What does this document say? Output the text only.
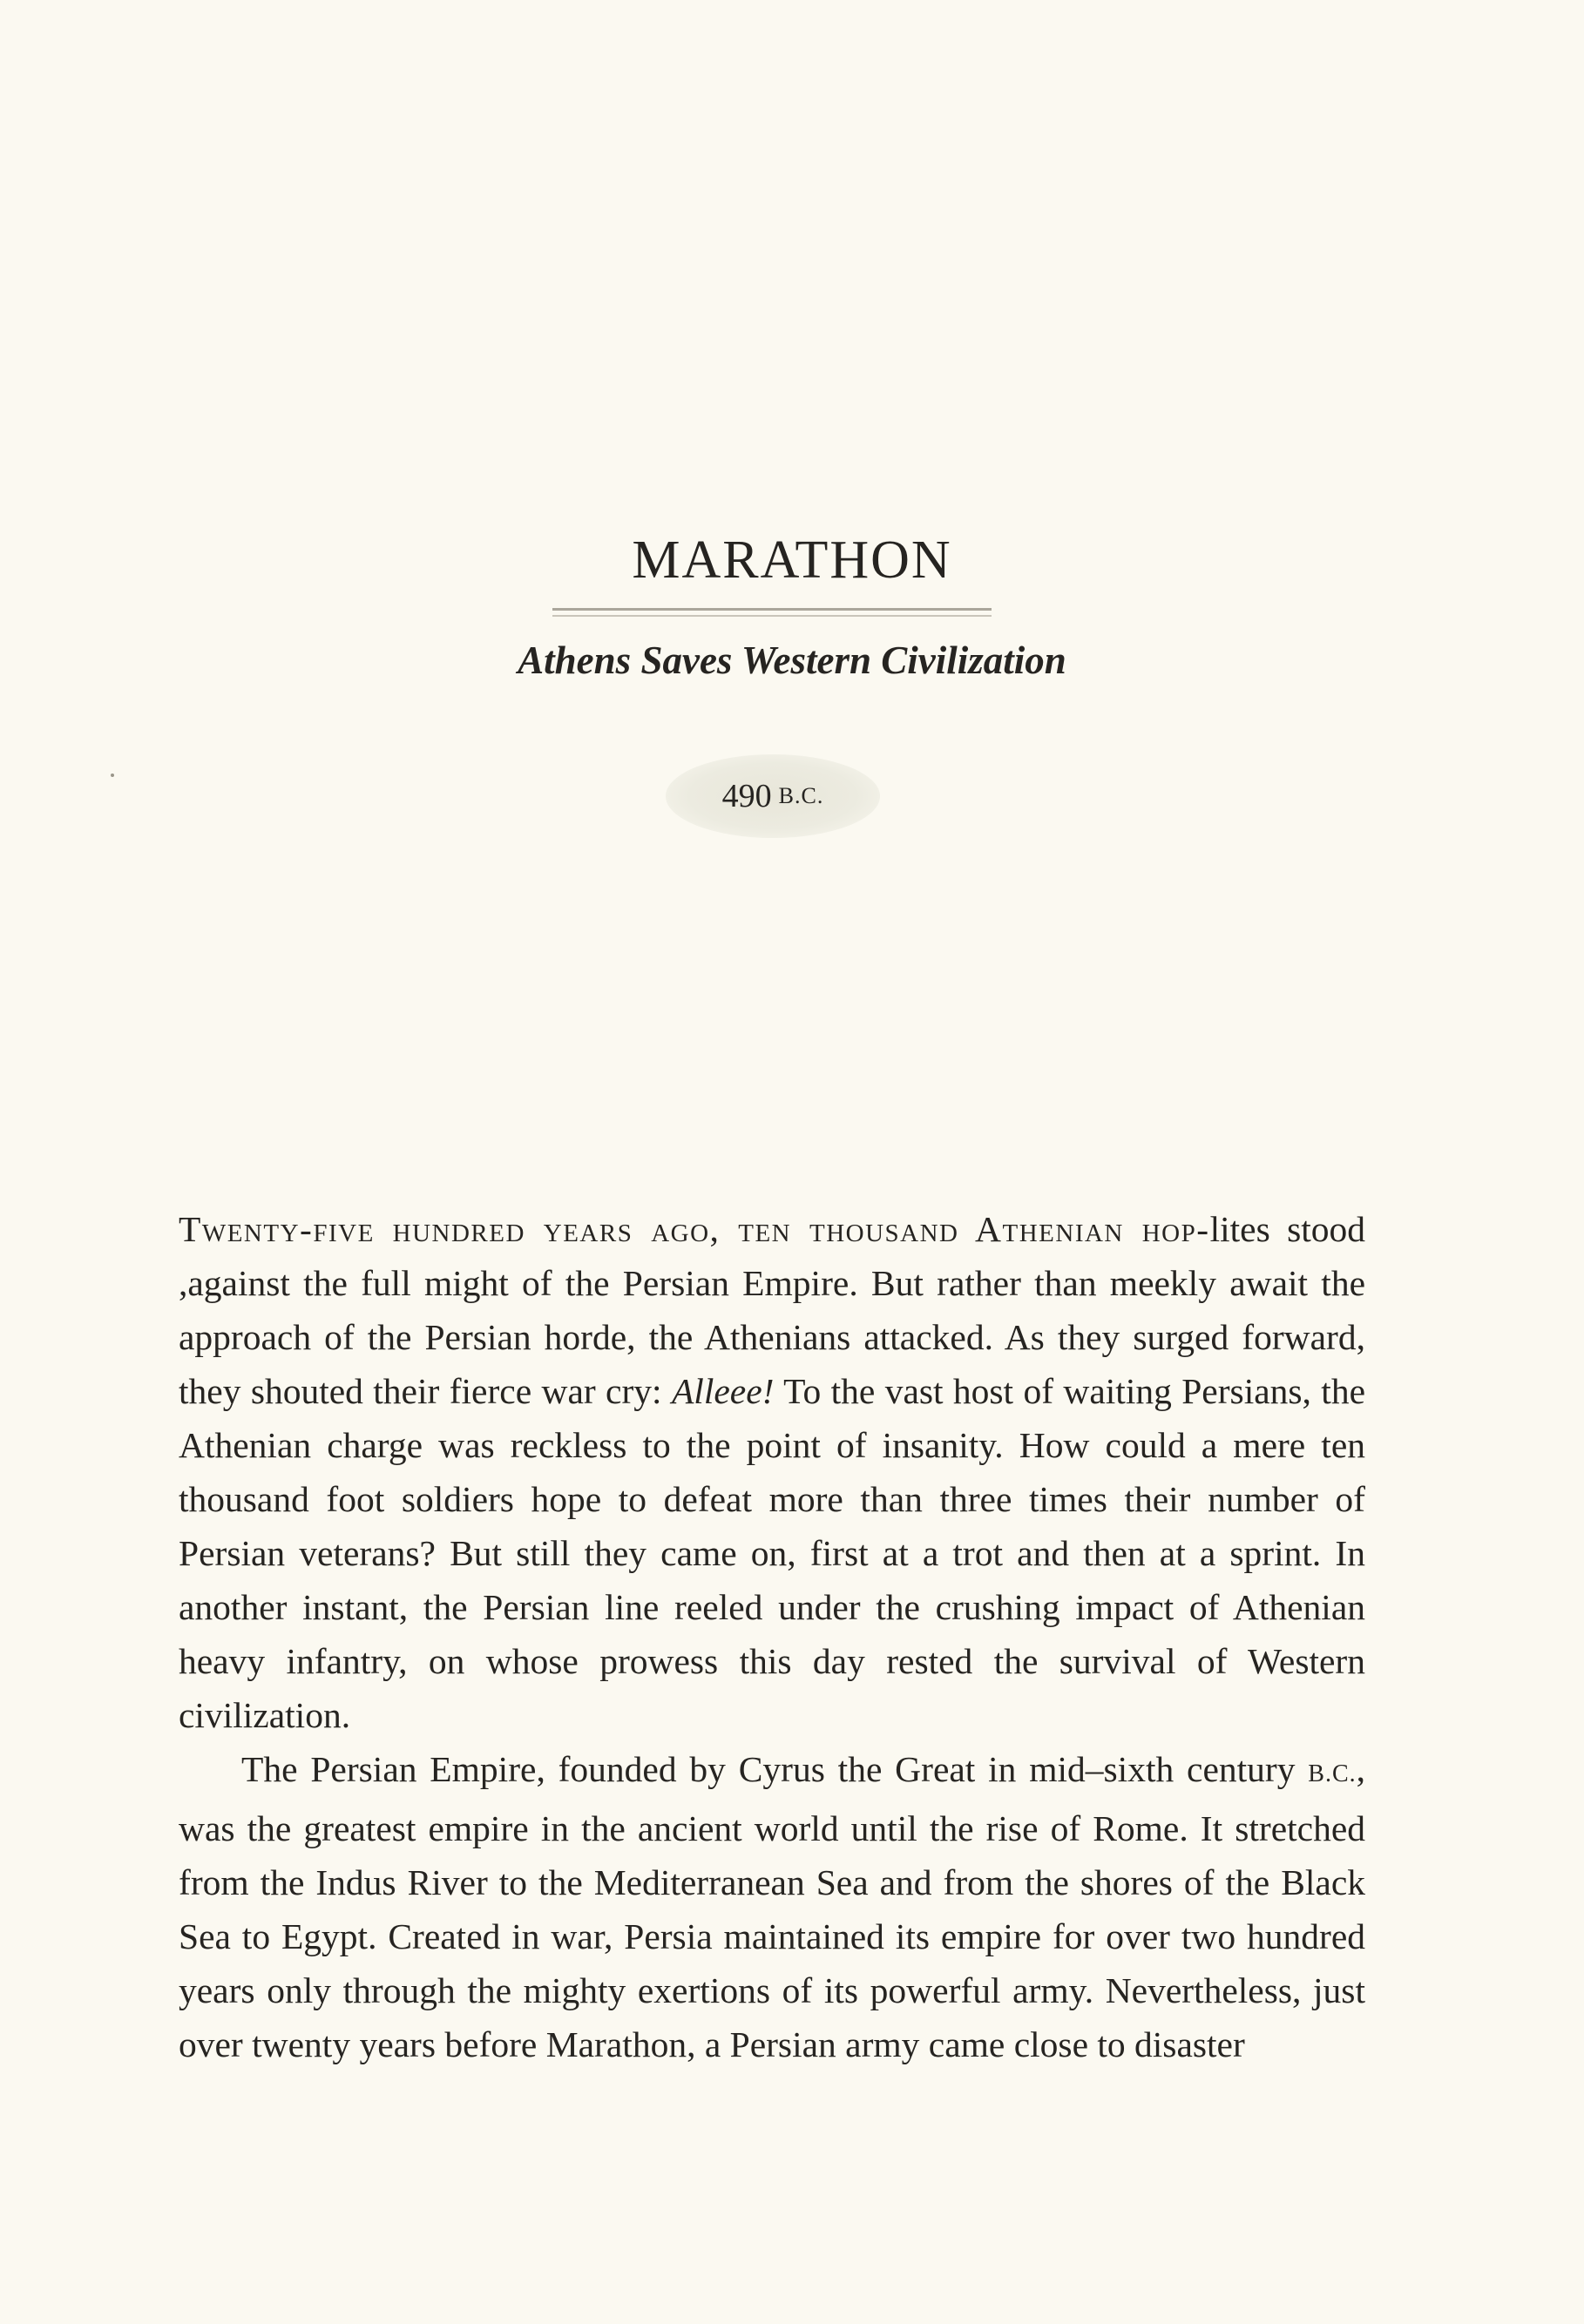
MARATHON
Athens Saves Western Civilization
490 B.C.

Twenty-five hundred years ago, ten thousand Athenian hop-lites stood ,against the full might of the Persian Empire. But rather than meekly await the approach of the Persian horde, the Athenians attacked. As they surged forward, they shouted their fierce war cry: Alleee! To the vast host of waiting Persians, the Athenian charge was reckless to the point of insanity. How could a mere ten thousand foot soldiers hope to defeat more than three times their number of Persian veterans? But still they came on, first at a trot and then at a sprint. In another instant, the Persian line reeled under the crushing impact of Athenian heavy infantry, on whose prowess this day rested the survival of Western civilization.

The Persian Empire, founded by Cyrus the Great in mid–sixth century B.C., was the greatest empire in the ancient world until the rise of Rome. It stretched from the Indus River to the Mediterranean Sea and from the shores of the Black Sea to Egypt. Created in war, Persia maintained its empire for over two hundred years only through the mighty exertions of its powerful army. Nevertheless, just over twenty years before Marathon, a Persian army came close to disaster
